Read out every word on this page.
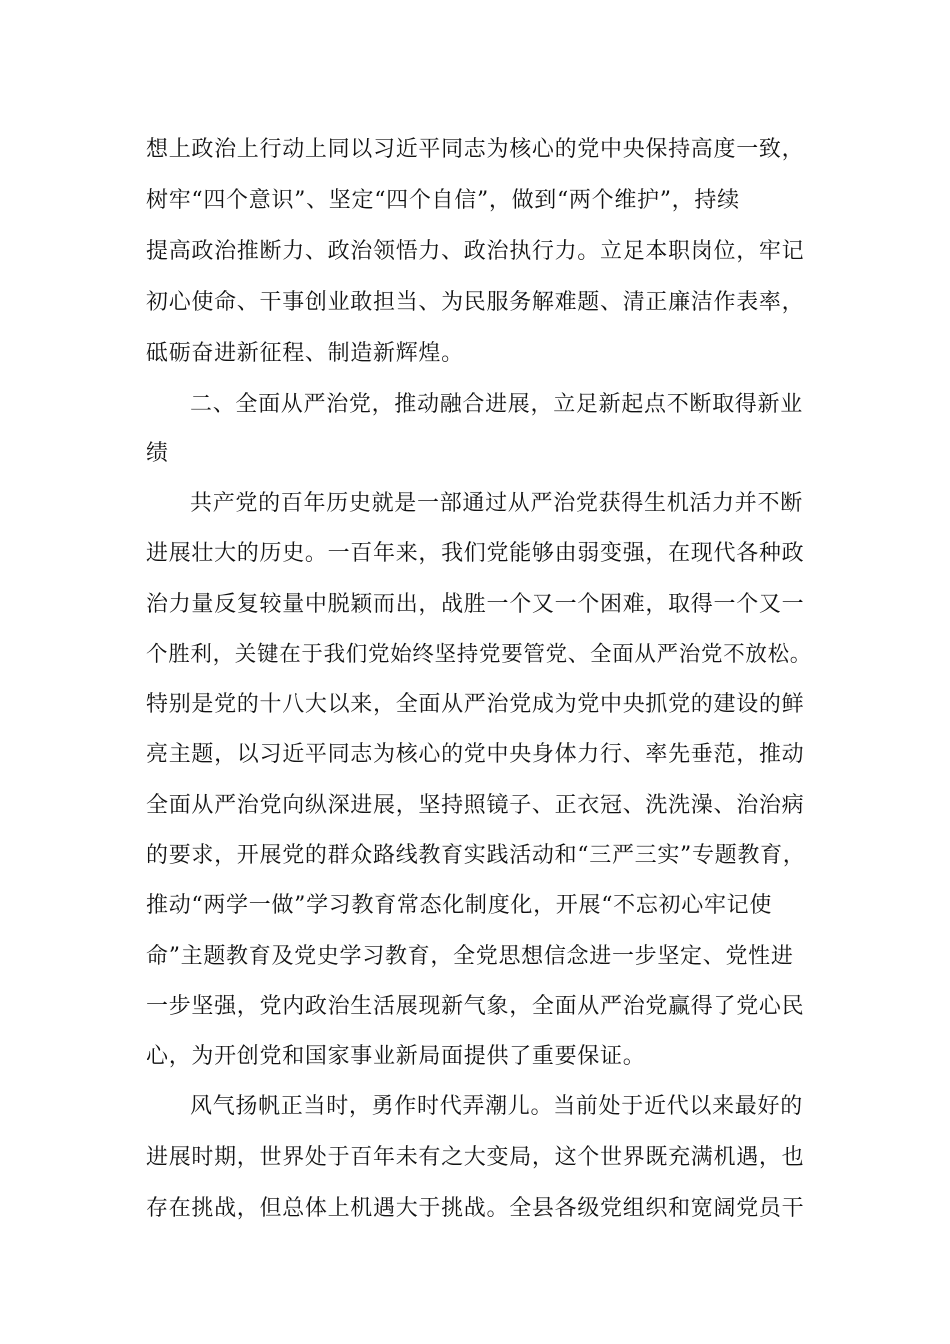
想上政治上行动上同以习近平同志为核心的党中央保持高度一致，
树牢“四个意识”、坚定“四个自信”，做到“两个维护”，持续
提高政治推断力、政治领悟力、政治执行力。立足本职岗位，牢记
初心使命、干事创业敢担当、为民服务解难题、清正廉洁作表率，
砥砺奋进新征程、制造新辉煌。
二、全面从严治党，推动融合进展，立足新起点不断取得新业
绩
共产党的百年历史就是一部通过从严治党获得生机活力并不断
进展壮大的历史。一百年来，我们党能够由弱变强，在现代各种政
治力量反复较量中脱颖而出，战胜一个又一个困难，取得一个又一
个胜利，关键在于我们党始终坚持党要管党、全面从严治党不放松。
特别是党的十八大以来，全面从严治党成为党中央抓党的建设的鲜
亮主题，以习近平同志为核心的党中央身体力行、率先垂范，推动
全面从严治党向纵深进展，坚持照镜子、正衣冠、洗洗澡、治治病
的要求，开展党的群众路线教育实践活动和“三严三实”专题教育，
推动“两学一做”学习教育常态化制度化，开展“不忘初心牢记使
命”主题教育及党史学习教育，全党思想信念进一步坚定、党性进
一步坚强，党内政治生活展现新气象，全面从严治党赢得了党心民
心，为开创党和国家事业新局面提供了重要保证。
风气扬帆正当时，勇作时代弄潮儿。当前处于近代以来最好的
进展时期，世界处于百年未有之大变局，这个世界既充满机遇，也
存在挑战，但总体上机遇大于挑战。全县各级党组织和宽阔党员干
